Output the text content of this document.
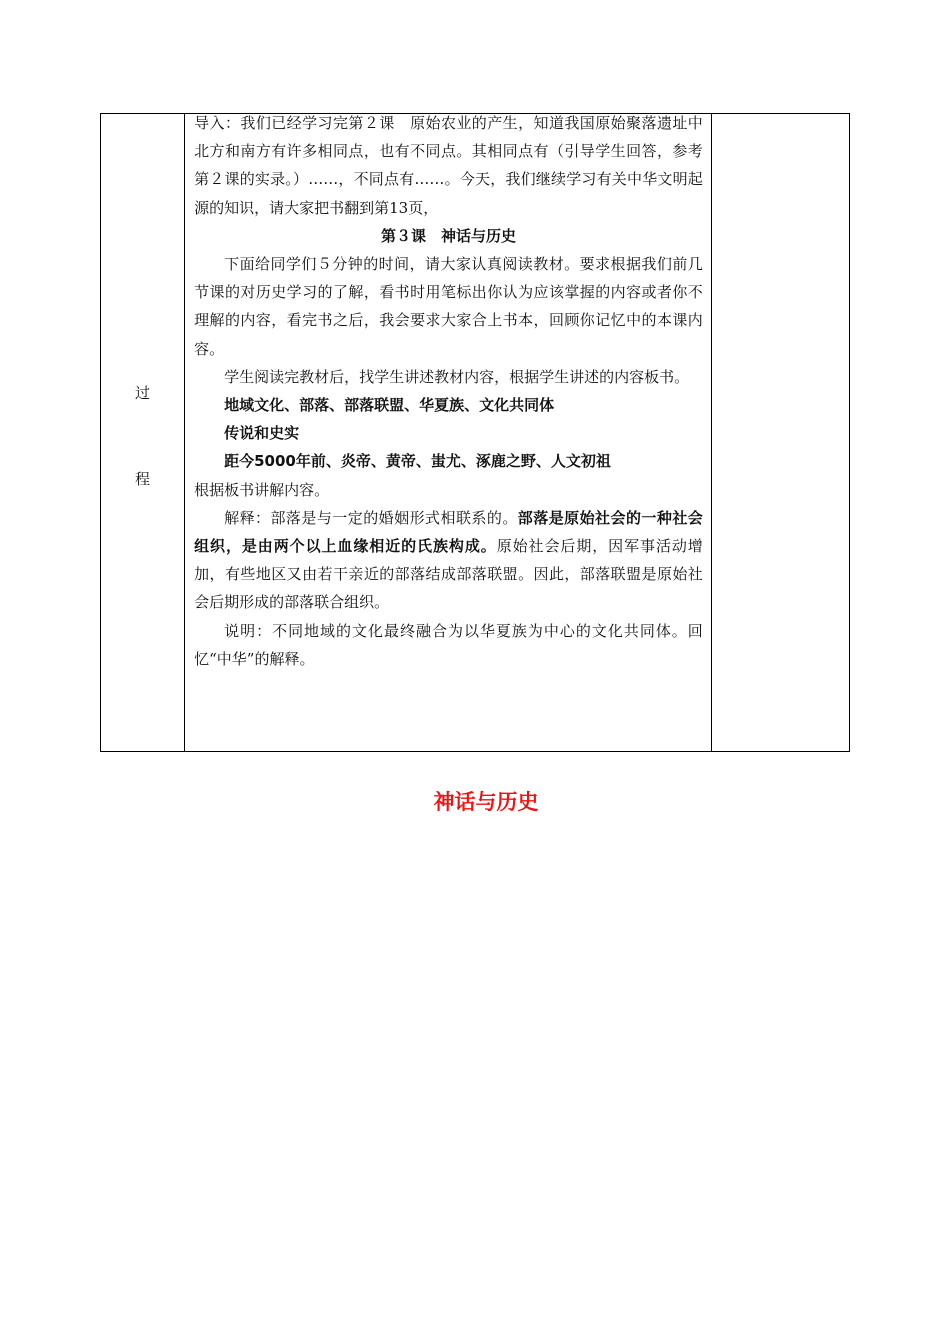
过
程

导入：我们已经学习完第２课　原始农业的产生，知道我国原始聚落遗址中北方和南方有许多相同点，也有不同点。其相同点有（引导学生回答，参考第２课的实录。）……，不同点有……。今天，我们继续学习有关中华文明起源的知识，请大家把书翻到第13页，

第３课　神话与历史

下面给同学们５分钟的时间，请大家认真阅读教材。要求根据我们前几节课的对历史学习的了解，看书时用笔标出你认为应该掌握的内容或者你不理解的内容，看完书之后，我会要求大家合上书本，回顾你记忆中的本课内容。

学生阅读完教材后，找学生讲述教材内容，根据学生讲述的内容板书。

地域文化、部落、部落联盟、华夏族、文化共同体

传说和史实

距今5000年前、炎帝、黄帝、蚩尤、涿鹿之野、人文初祖

根据板书讲解内容。

解释：部落是与一定的婚姻形式相联系的。部落是原始社会的一种社会组织，是由两个以上血缘相近的氏族构成。原始社会后期，因军事活动增加，有些地区又由若干亲近的部落结成部落联盟。因此，部落联盟是原始社会后期形成的部落联合组织。

说明：不同地域的文化最终融合为以华夏族为中心的文化共同体。回忆“中华”的解释。

神话与历史
